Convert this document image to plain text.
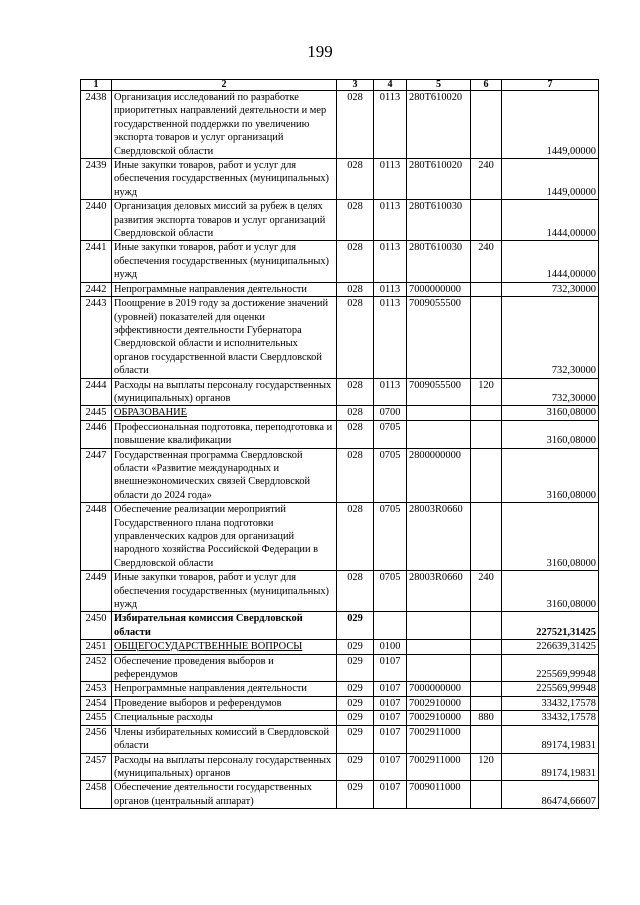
199
1	2	3	4	5	6	7
2438	Организация исследований по разработке приоритетных направлений деятельности и мер государственной поддержки по увеличению экспорта товаров и услуг организаций Свердловской области	028	0113	280Т610020		1449,00000
2439	Иные закупки товаров, работ и услуг для обеспечения государственных (муниципальных) нужд	028	0113	280Т610020	240	1449,00000
2440	Организация деловых миссий за рубеж в целях развития экспорта товаров и услуг организаций Свердловской области	028	0113	280Т610030		1444,00000
2441	Иные закупки товаров, работ и услуг для обеспечения государственных (муниципальных) нужд	028	0113	280Т610030	240	1444,00000
2442	Непрограммные направления деятельности	028	0113	7000000000		732,30000
2443	Поощрение в 2019 году за достижение значений (уровней) показателей для оценки эффективности деятельности Губернатора Свердловской области и исполнительных органов государственной власти Свердловской области	028	0113	7009055500		732,30000
2444	Расходы на выплаты персоналу государственных (муниципальных) органов	028	0113	7009055500	120	732,30000
2445	ОБРАЗОВАНИЕ	028	0700			3160,08000
2446	Профессиональная подготовка, переподготовка и повышение квалификации	028	0705			3160,08000
2447	Государственная программа Свердловской области «Развитие международных и внешнеэкономических связей Свердловской области до 2024 года»	028	0705	2800000000		3160,08000
2448	Обеспечение реализации мероприятий Государственного плана подготовки управленческих кадров для организаций народного хозяйства Российской Федерации в Свердловской области	028	0705	28003R0660		3160,08000
2449	Иные закупки товаров, работ и услуг для обеспечения государственных (муниципальных) нужд	028	0705	28003R0660	240	3160,08000
2450	Избирательная комиссия Свердловской области	029				227521,31425
2451	ОБЩЕГОСУДАРСТВЕННЫЕ ВОПРОСЫ	029	0100			226639,31425
2452	Обеспечение проведения выборов и референдумов	029	0107			225569,99948
2453	Непрограммные направления деятельности	029	0107	7000000000		225569,99948
2454	Проведение выборов и референдумов	029	0107	7002910000		33432,17578
2455	Специальные расходы	029	0107	7002910000	880	33432,17578
2456	Члены избирательных комиссий в Свердловской области	029	0107	7002911000		89174,19831
2457	Расходы на выплаты персоналу государственных (муниципальных) органов	029	0107	7002911000	120	89174,19831
2458	Обеспечение деятельности государственных органов (центральный аппарат)	029	0107	7009011000		86474,66607
